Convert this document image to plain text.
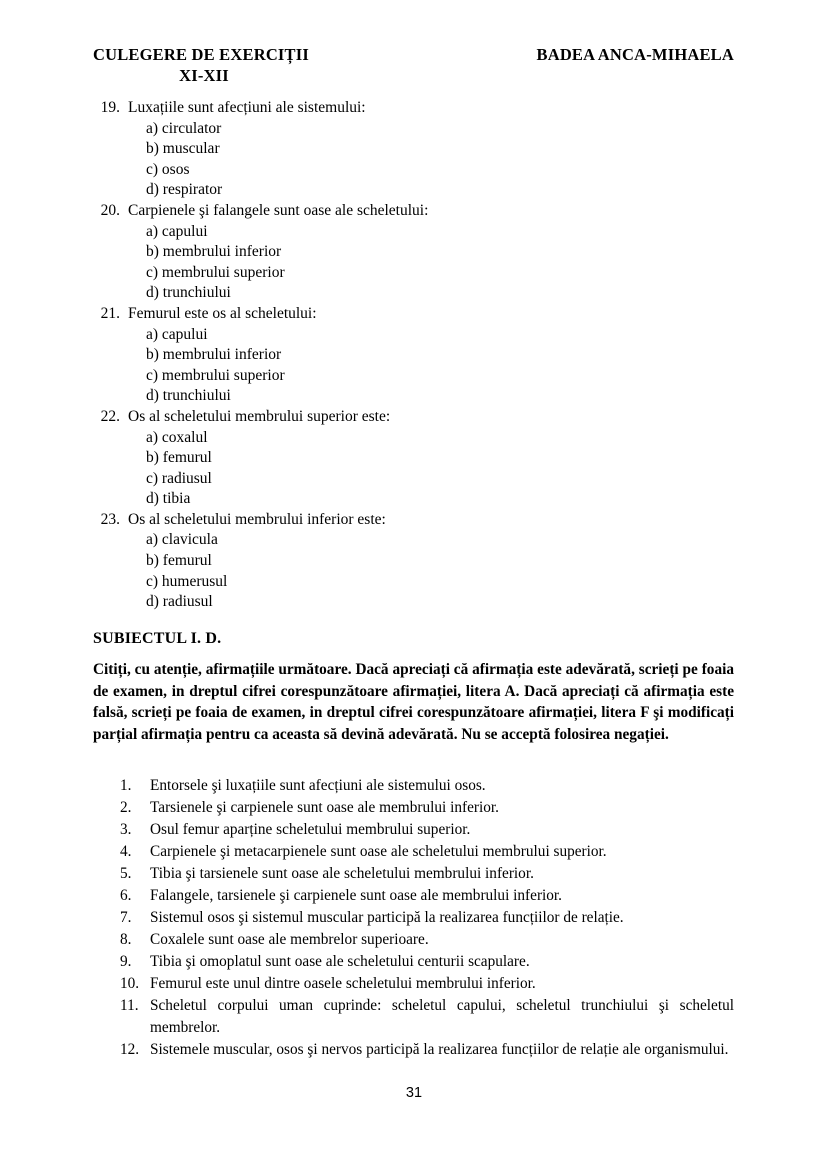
CULEGERE DE EXERCIȚII
XI-XII
BADEA ANCA-MIHAELA
19. Luxațiile sunt afecțiuni ale sistemului:
a) circulator
b) muscular
c) osos
d) respirator
20. Carpienele şi falangele sunt oase ale scheletului:
a) capului
b) membrului inferior
c) membrului superior
d) trunchiului
21. Femurul este os al scheletului:
a) capului
b) membrului inferior
c) membrului superior
d) trunchiului
22. Os al scheletului membrului superior este:
a) coxalul
b) femurul
c) radiusul
d) tibia
23. Os al scheletului membrului inferior este:
a) clavicula
b) femurul
c) humerusul
d) radiusul
SUBIECTUL I. D.
Citiți, cu atenție, afirmațiile următoare. Dacă apreciați că afirmația este adevărată, scrieți pe foaia de examen, in dreptul cifrei corespunzătoare afirmației, litera A. Dacă apreciați că afirmația este falsă, scrieți pe foaia de examen, in dreptul cifrei corespunzătoare afirmației, litera F şi modificați parțial afirmația pentru ca aceasta să devină adevărată. Nu se acceptă folosirea negației.
1.	Entorsele şi luxațiile sunt afecțiuni ale sistemului osos.
2.	Tarsienele şi carpienele sunt oase ale membrului inferior.
3.	Osul femur aparține scheletului membrului superior.
4.	Carpienele şi metacarpienele sunt oase ale scheletului membrului superior.
5.	Tibia şi tarsienele sunt oase ale scheletului membrului inferior.
6.	Falangele, tarsienele şi carpienele sunt oase ale membrului inferior.
7.	Sistemul osos şi sistemul muscular participă la realizarea funcțiilor de relație.
8.	Coxalele sunt oase ale membrelor superioare.
9.	Tibia şi omoplatul sunt oase ale scheletului centurii scapulare.
10. Femurul este unul dintre oasele scheletului membrului inferior.
11. Scheletul corpului uman cuprinde: scheletul capului, scheletul trunchiului şi scheletul membrelor.
12. Sistemele muscular, osos şi nervos participă la realizarea funcțiilor de relație ale organismului.
31
